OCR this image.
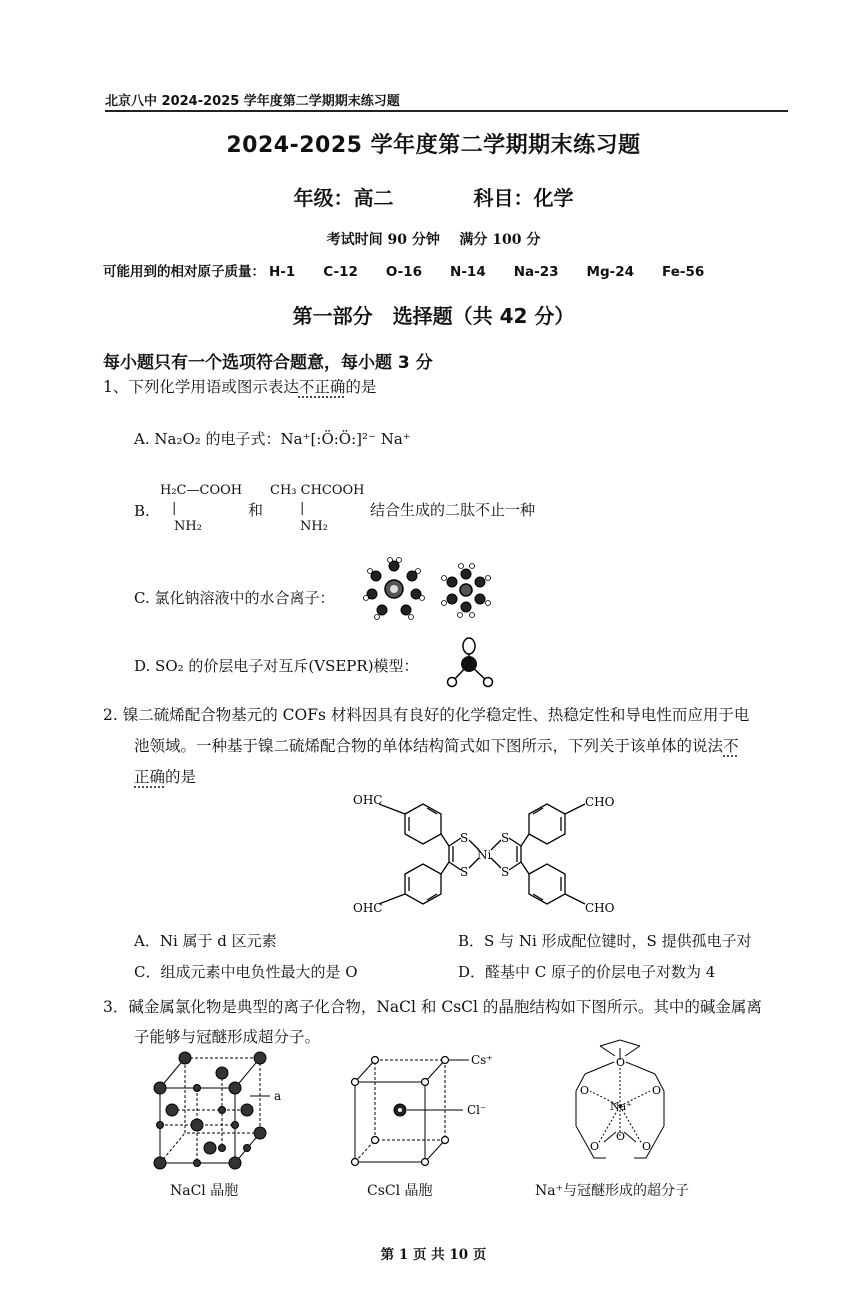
北京八中 2024-2025 学年度第二学期期末练习题
2024-2025 学年度第二学期期末练习题
年级：高二	科目：化学
考试时间 90 分钟    满分 100 分
可能用到的相对原子质量： H-1 C-12 O-16 N-14 Na-23 Mg-24 Fe-56
第一部分　选择题（共 42 分）
每小题只有一个选项符合题意，每小题 3 分
1、下列化学用语或图示表达不正确的是
A. Na₂O₂ 的电子式：Na⁺[:Ö:Ö:]²⁻ Na⁺
B.
H₂C—COOH
|
NH₂
和
CH₃ CHCOOH
|
NH₂
结合生成的二肽不止一种
C. 氯化钠溶液中的水合离子：
D. SO₂ 的价层电子对互斥(VSEPR)模型：
2. 镍二硫烯配合物基元的 COFs 材料因具有良好的化学稳定性、热稳定性和导电性而应用于电
池领域。一种基于镍二硫烯配合物的单体结构简式如下图所示，下列关于该单体的说法不
正确的是
OHC	CHO
OHC	CHO
S
S
S
S
Ni
A．Ni 属于 d 区元素	B．S 与 Ni 形成配位键时，S 提供孤电子对
C．组成元素中电负性最大的是 O	D．醛基中 C 原子的价层电子对数为 4
3．碱金属氯化物是典型的离子化合物，NaCl 和 CsCl 的晶胞结构如下图所示。其中的碱金属离
子能够与冠醚形成超分子。
a
NaCl 晶胞
Cs⁺
Cl⁻
CsCl 晶胞
O
O	O
O	O
O
Na⁺
Na⁺与冠醚形成的超分子
第 1 页 共 10 页
